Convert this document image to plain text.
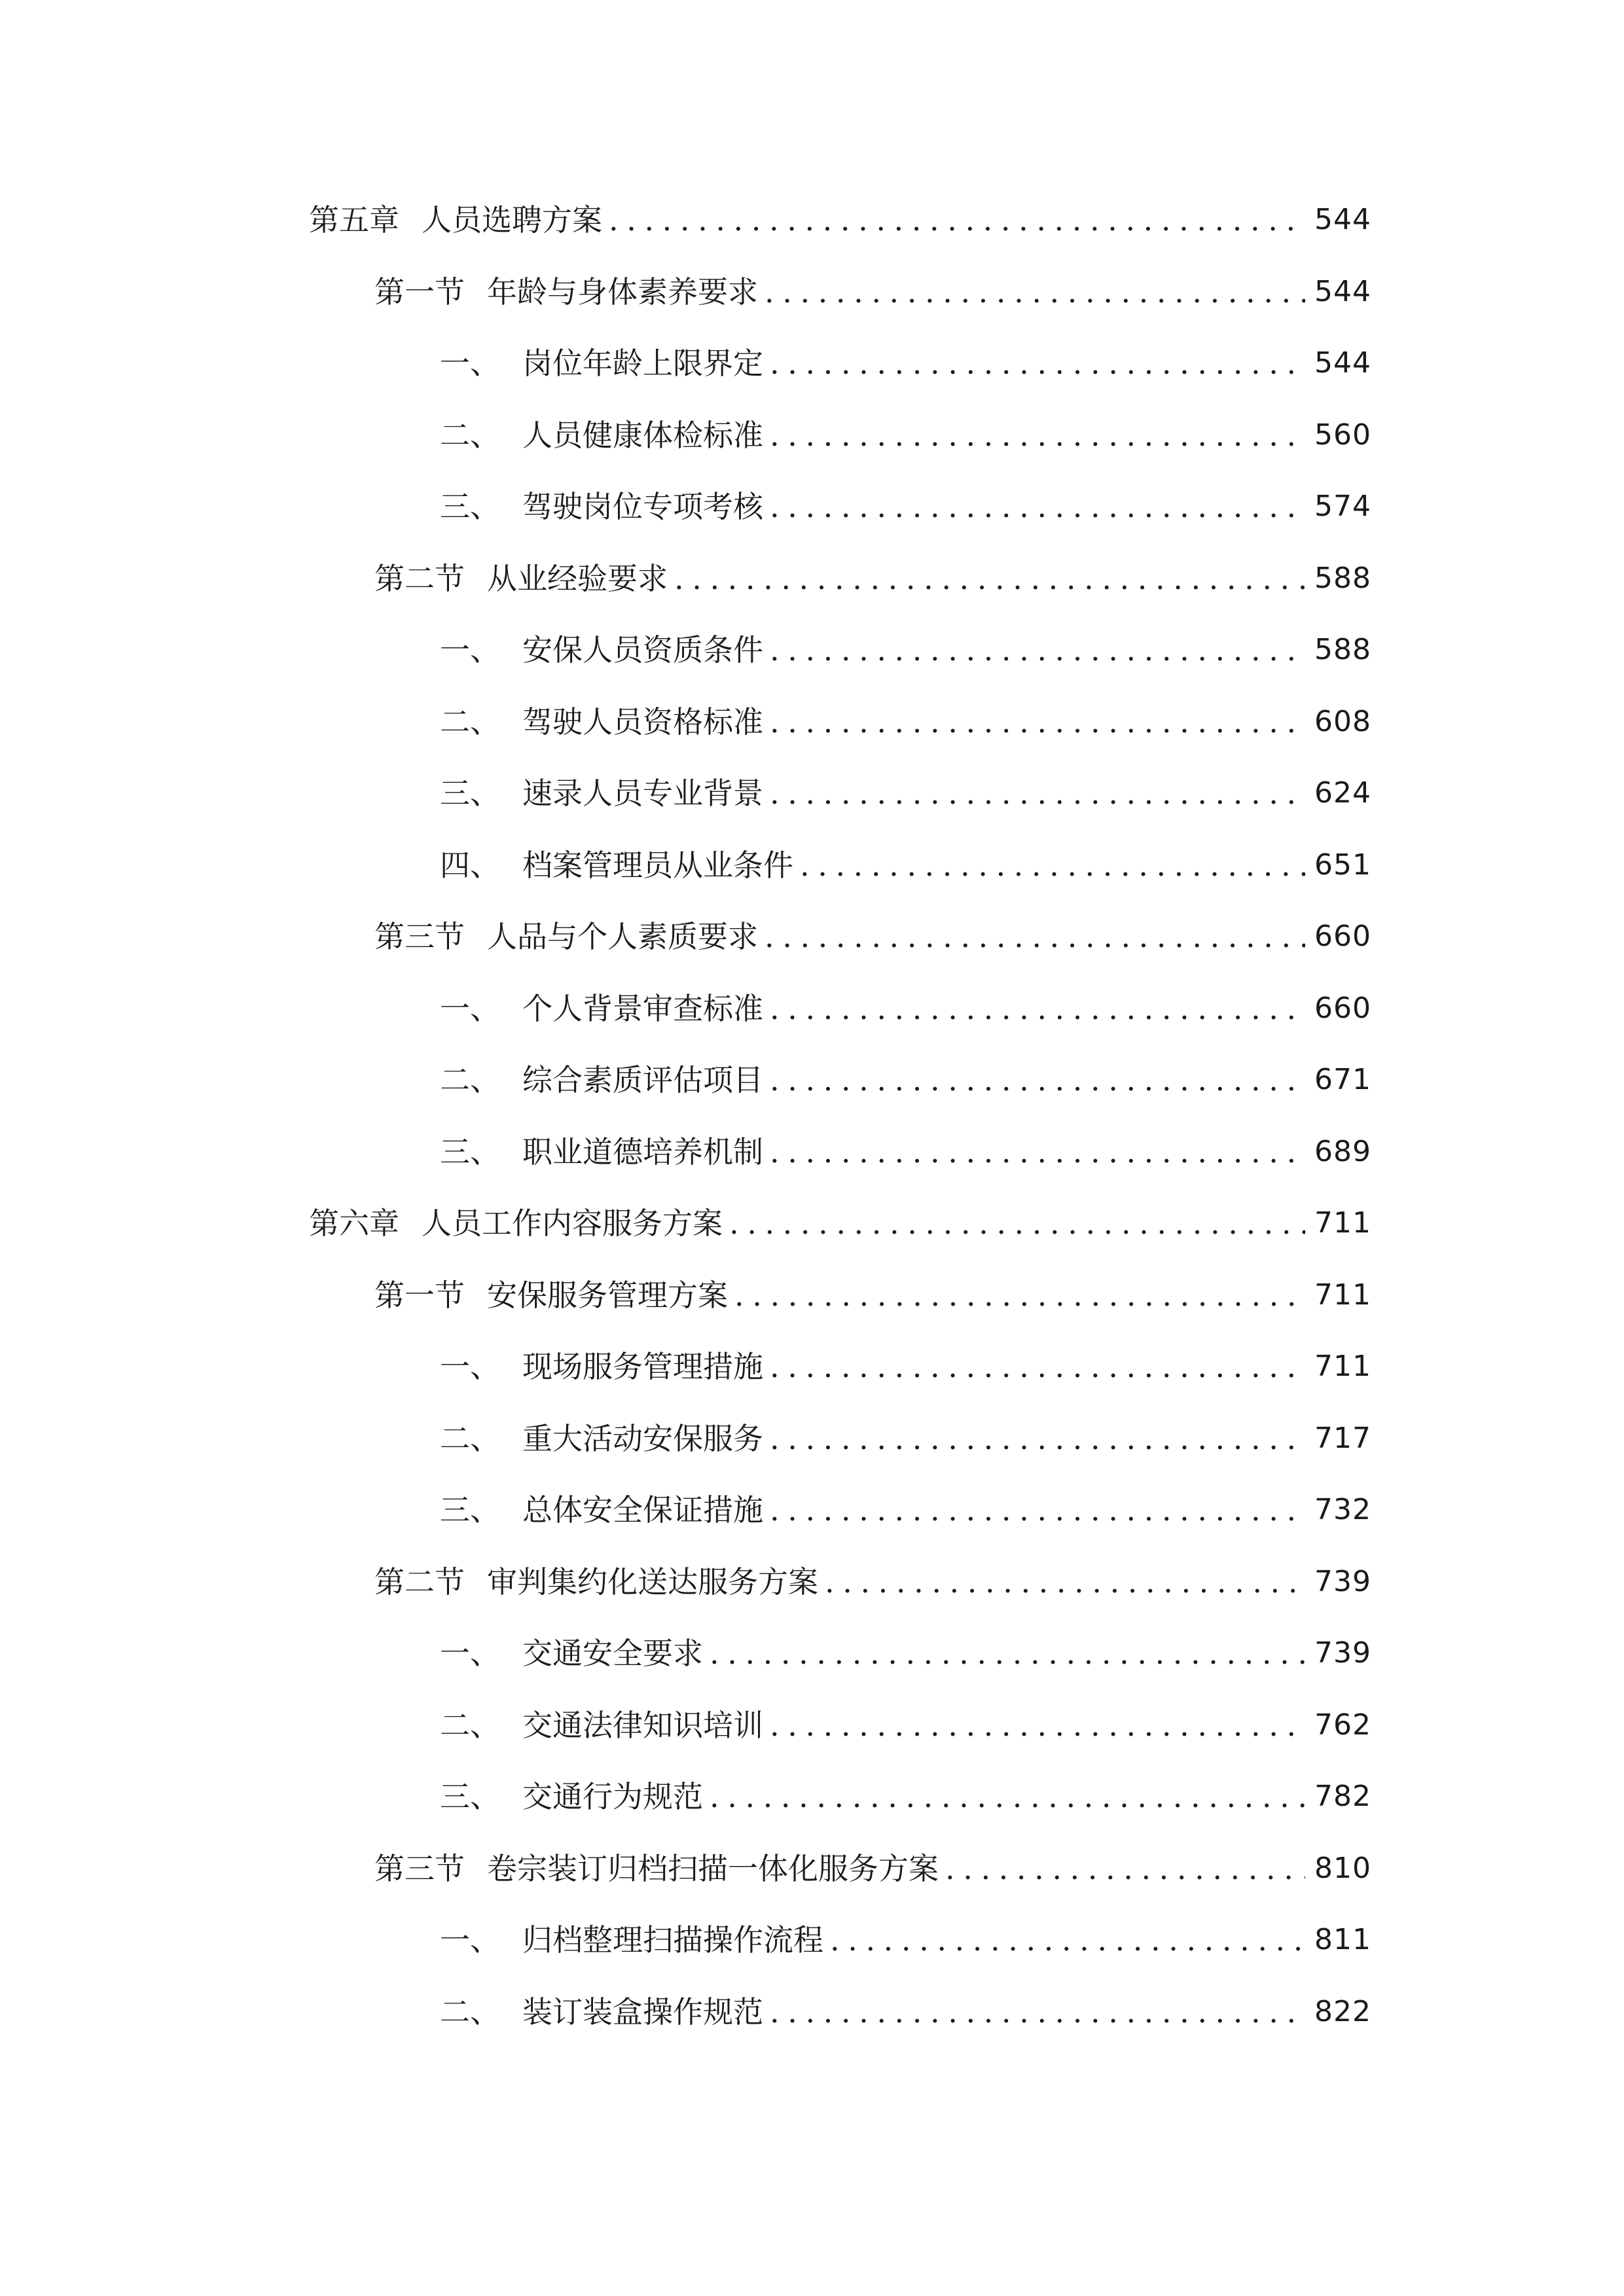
第五章 人员选聘方案 .....	544
第一节 年龄与身体素养要求 .....	544
一、 岗位年龄上限界定 .....	544
二、 人员健康体检标准 .....	560
三、 驾驶岗位专项考核 .....	574
第二节 从业经验要求 .....	588
一、 安保人员资质条件 .....	588
二、 驾驶人员资格标准 .....	608
三、 速录人员专业背景 .....	624
四、 档案管理员从业条件 .....	651
第三节 人品与个人素质要求 .....	660
一、 个人背景审查标准 .....	660
二、 综合素质评估项目 .....	671
三、 职业道德培养机制 .....	689
第六章 人员工作内容服务方案 .....	711
第一节 安保服务管理方案 .....	711
一、 现场服务管理措施 .....	711
二、 重大活动安保服务 .....	717
三、 总体安全保证措施 .....	732
第二节 审判集约化送达服务方案 .....	739
一、 交通安全要求 .....	739
二、 交通法律知识培训 .....	762
三、 交通行为规范 .....	782
第三节 卷宗装订归档扫描一体化服务方案 .....	810
一、 归档整理扫描操作流程 .....	811
二、 装订装盒操作规范 .....	822
